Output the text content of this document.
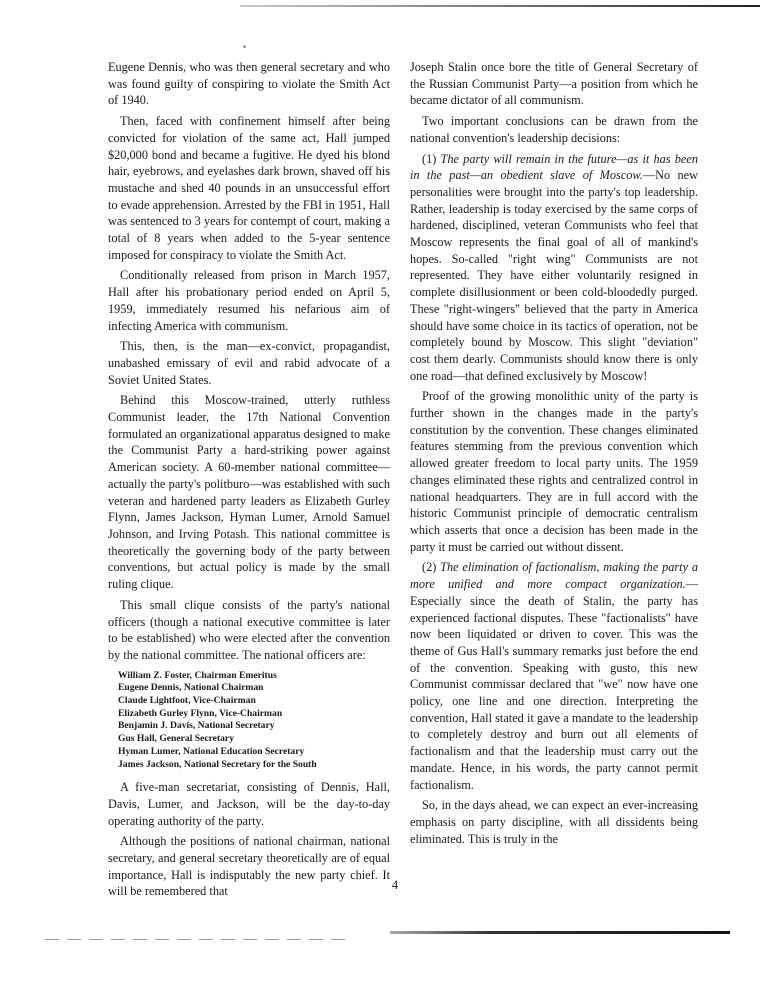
•

Eugene Dennis, who was then general secretary and who was found guilty of conspiring to violate the Smith Act of 1940.

Then, faced with confinement himself after being convicted for violation of the same act, Hall jumped $20,000 bond and became a fugitive. He dyed his blond hair, eyebrows, and eyelashes dark brown, shaved off his mustache and shed 40 pounds in an unsuccessful effort to evade apprehension. Arrested by the FBI in 1951, Hall was sentenced to 3 years for contempt of court, making a total of 8 years when added to the 5-year sentence imposed for conspiracy to violate the Smith Act.

Conditionally released from prison in March 1957, Hall after his probationary period ended on April 5, 1959, immediately resumed his nefarious aim of infecting America with communism.

This, then, is the man—ex-convict, propagandist, unabashed emissary of evil and rabid advocate of a Soviet United States.

Behind this Moscow-trained, utterly ruthless Communist leader, the 17th National Convention formulated an organizational apparatus designed to make the Communist Party a hard-striking power against American society. A 60-member national committee—actually the party's politburo—was established with such veteran and hardened party leaders as Elizabeth Gurley Flynn, James Jackson, Hyman Lumer, Arnold Samuel Johnson, and Irving Potash. This national committee is theoretically the governing body of the party between conventions, but actual policy is made by the small ruling clique.

This small clique consists of the party's national officers (though a national executive committee is later to be established) who were elected after the convention by the national committee. The national officers are:

William Z. Foster, Chairman Emeritus
Eugene Dennis, National Chairman
Claude Lightfoot, Vice-Chairman
Elizabeth Gurley Flynn, Vice-Chairman
Benjamin J. Davis, National Secretary
Gus Hall, General Secretary
Hyman Lumer, National Education Secretary
James Jackson, National Secretary for the South

A five-man secretariat, consisting of Dennis, Hall, Davis, Lumer, and Jackson, will be the day-to-day operating authority of the party.

Although the positions of national chairman, national secretary, and general secretary theoretically are of equal importance, Hall is indisputably the new party chief. It will be remembered that

Joseph Stalin once bore the title of General Secretary of the Russian Communist Party—a position from which he became dictator of all communism.

Two important conclusions can be drawn from the national convention's leadership decisions:

(1) The party will remain in the future—as it has been in the past—an obedient slave of Moscow.—No new personalities were brought into the party's top leadership. Rather, leadership is today exercised by the same corps of hardened, disciplined, veteran Communists who feel that Moscow represents the final goal of all of mankind's hopes. So-called "right wing" Communists are not represented. They have either voluntarily resigned in complete disillusionment or been cold-bloodedly purged. These "right-wingers" believed that the party in America should have some choice in its tactics of operation, not be completely bound by Moscow. This slight "deviation" cost them dearly. Communists should know there is only one road—that defined exclusively by Moscow!

Proof of the growing monolithic unity of the party is further shown in the changes made in the party's constitution by the convention. These changes eliminated features stemming from the previous convention which allowed greater freedom to local party units. The 1959 changes eliminated these rights and centralized control in national headquarters. They are in full accord with the historic Communist principle of democratic centralism which asserts that once a decision has been made in the party it must be carried out without dissent.

(2) The elimination of factionalism, making the party a more unified and more compact organization.—Especially since the death of Stalin, the party has experienced factional disputes. These "factionalists" have now been liquidated or driven to cover. This was the theme of Gus Hall's summary remarks just before the end of the convention. Speaking with gusto, this new Communist commissar declared that "we" now have one policy, one line and one direction. Interpreting the convention, Hall stated it gave a mandate to the leadership to completely destroy and burn out all elements of factionalism and that the leadership must carry out the mandate. Hence, in his words, the party cannot permit factionalism.

So, in the days ahead, we can expect an ever-increasing emphasis on party discipline, with all dissidents being eliminated. This is truly in the

4
